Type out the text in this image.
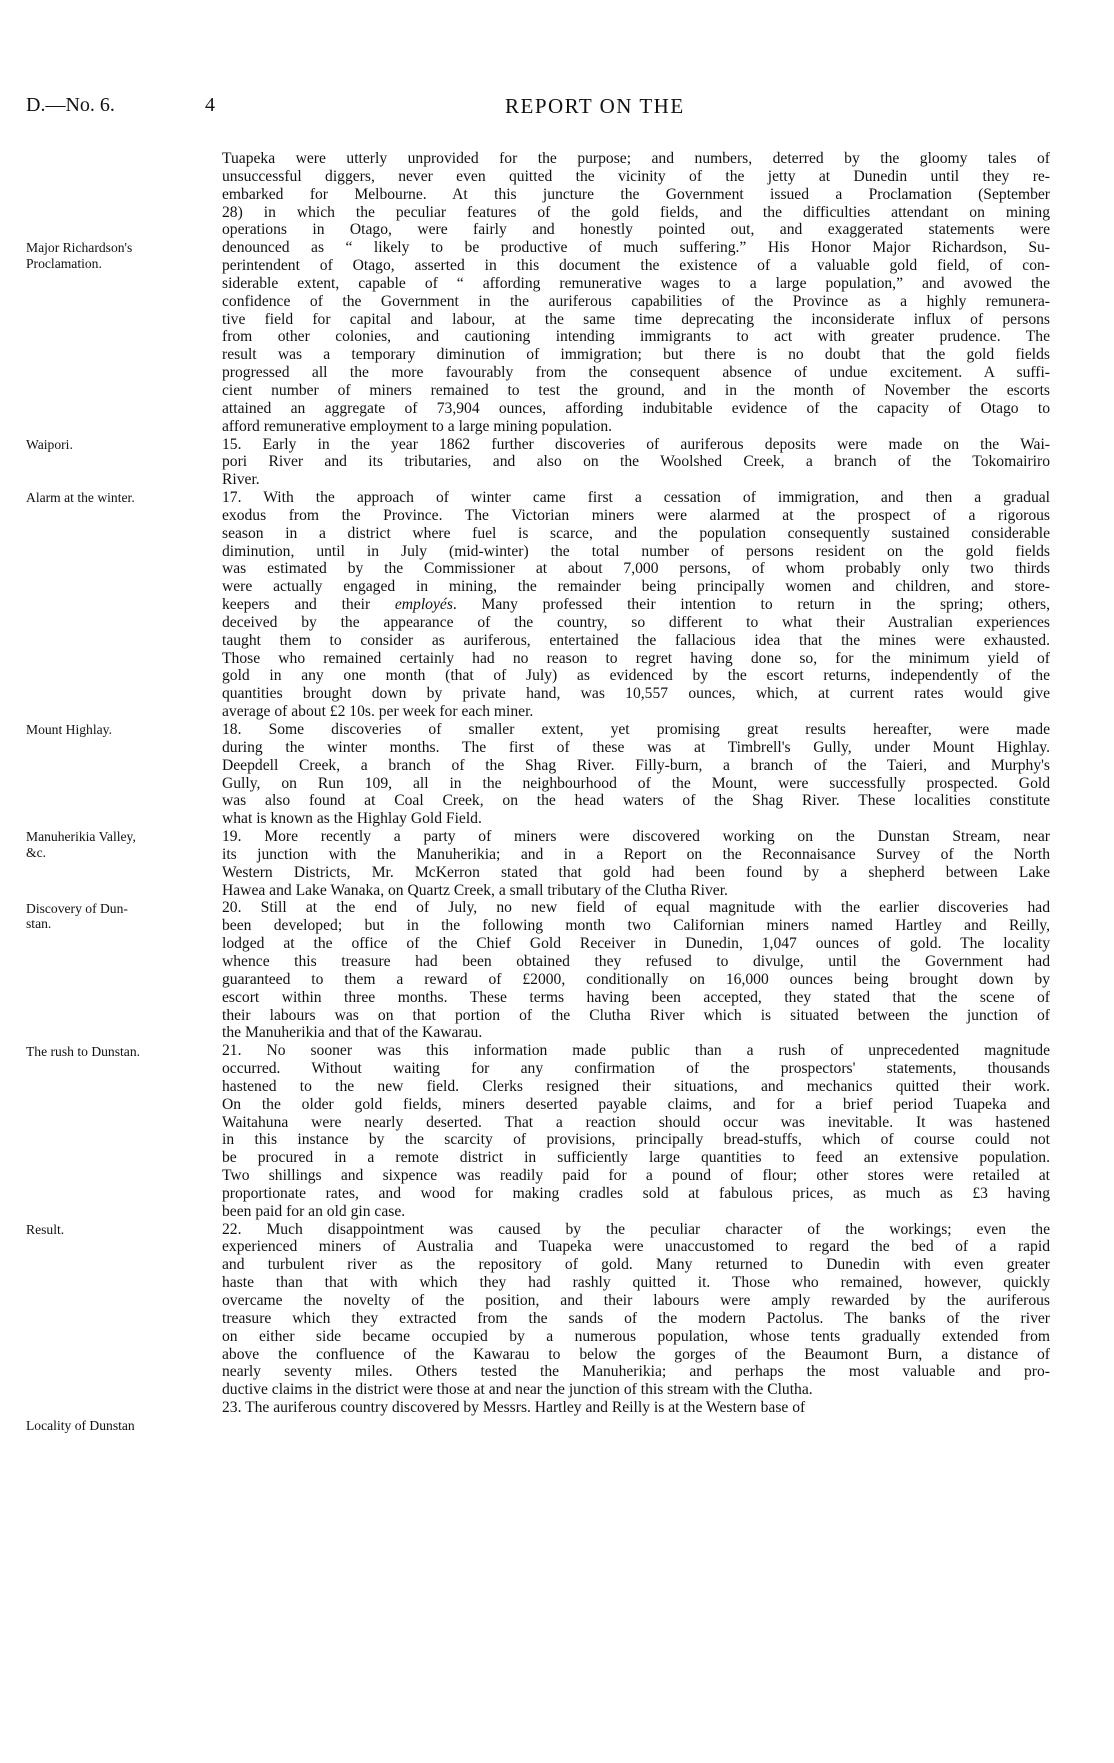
D.—No. 6.	4	REPORT ON THE
Major Richardson's
Proclamation.
Waipori.
Alarm at the winter.
Mount Highlay.
Manuherikia Valley,
&c.
Discovery of Dun-
stan.
The rush to Dunstan.
Result.
Locality of Dunstan
Tuapeka were utterly unprovided for the purpose; and numbers, deterred by the gloomy tales of
unsuccessful diggers, never even quitted the vicinity of the jetty at Dunedin until they re-
embarked for Melbourne. At this juncture the Government issued a Proclamation (September
28) in which the peculiar features of the gold fields, and the difficulties attendant on mining
operations in Otago, were fairly and honestly pointed out, and exaggerated statements were
denounced as “ likely to be productive of much suffering.” His Honor Major Richardson, Su-
perintendent of Otago, asserted in this document the existence of a valuable gold field, of con-
siderable extent, capable of “ affording remunerative wages to a large population,” and avowed the
confidence of the Government in the auriferous capabilities of the Province as a highly remunera-
tive field for capital and labour, at the same time deprecating the inconsiderate influx of persons
from other colonies, and cautioning intending immigrants to act with greater prudence. The
result was a temporary diminution of immigration; but there is no doubt that the gold fields
progressed all the more favourably from the consequent absence of undue excitement. A suffi-
cient number of miners remained to test the ground, and in the month of November the escorts
attained an aggregate of 73,904 ounces, affording indubitable evidence of the capacity of Otago to
afford remunerative employment to a large mining population.
15. Early in the year 1862 further discoveries of auriferous deposits were made on the Wai-
pori River and its tributaries, and also on the Woolshed Creek, a branch of the Tokomairiro
River.
17. With the approach of winter came first a cessation of immigration, and then a gradual
exodus from the Province. The Victorian miners were alarmed at the prospect of a rigorous
season in a district where fuel is scarce, and the population consequently sustained considerable
diminution, until in July (mid-winter) the total number of persons resident on the gold fields
was estimated by the Commissioner at about 7,000 persons, of whom probably only two thirds
were actually engaged in mining, the remainder being principally women and children, and store-
keepers and their employés. Many professed their intention to return in the spring; others,
deceived by the appearance of the country, so different to what their Australian experiences
taught them to consider as auriferous, entertained the fallacious idea that the mines were exhausted.
Those who remained certainly had no reason to regret having done so, for the minimum yield of
gold in any one month (that of July) as evidenced by the escort returns, independently of the
quantities brought down by private hand, was 10,557 ounces, which, at current rates would give
average of about £2 10s. per week for each miner.
18. Some discoveries of smaller extent, yet promising great results hereafter, were made
during the winter months. The first of these was at Timbrell's Gully, under Mount Highlay.
Deepdell Creek, a branch of the Shag River. Filly-burn, a branch of the Taieri, and Murphy's
Gully, on Run 109, all in the neighbourhood of the Mount, were successfully prospected. Gold
was also found at Coal Creek, on the head waters of the Shag River. These localities constitute
what is known as the Highlay Gold Field.
19. More recently a party of miners were discovered working on the Dunstan Stream, near
its junction with the Manuherikia; and in a Report on the Reconnaisance Survey of the North
Western Districts, Mr. McKerron stated that gold had been found by a shepherd between Lake
Hawea and Lake Wanaka, on Quartz Creek, a small tributary of the Clutha River.
20. Still at the end of July, no new field of equal magnitude with the earlier discoveries had
been developed; but in the following month two Californian miners named Hartley and Reilly,
lodged at the office of the Chief Gold Receiver in Dunedin, 1,047 ounces of gold. The locality
whence this treasure had been obtained they refused to divulge, until the Government had
guaranteed to them a reward of £2000, conditionally on 16,000 ounces being brought down by
escort within three months. These terms having been accepted, they stated that the scene of
their labours was on that portion of the Clutha River which is situated between the junction of
the Manuherikia and that of the Kawarau.
21. No sooner was this information made public than a rush of unprecedented magnitude
occurred. Without waiting for any confirmation of the prospectors' statements, thousands
hastened to the new field. Clerks resigned their situations, and mechanics quitted their work.
On the older gold fields, miners deserted payable claims, and for a brief period Tuapeka and
Waitahuna were nearly deserted. That a reaction should occur was inevitable. It was hastened
in this instance by the scarcity of provisions, principally bread-stuffs, which of course could not
be procured in a remote district in sufficiently large quantities to feed an extensive population.
Two shillings and sixpence was readily paid for a pound of flour; other stores were retailed at
proportionate rates, and wood for making cradles sold at fabulous prices, as much as £3 having
been paid for an old gin case.
22. Much disappointment was caused by the peculiar character of the workings; even the
experienced miners of Australia and Tuapeka were unaccustomed to regard the bed of a rapid
and turbulent river as the repository of gold. Many returned to Dunedin with even greater
haste than that with which they had rashly quitted it. Those who remained, however, quickly
overcame the novelty of the position, and their labours were amply rewarded by the auriferous
treasure which they extracted from the sands of the modern Pactolus. The banks of the river
on either side became occupied by a numerous population, whose tents gradually extended from
above the confluence of the Kawarau to below the gorges of the Beaumont Burn, a distance of
nearly seventy miles. Others tested the Manuherikia; and perhaps the most valuable and pro-
ductive claims in the district were those at and near the junction of this stream with the Clutha.
23. The auriferous country discovered by Messrs. Hartley and Reilly is at the Western base of
